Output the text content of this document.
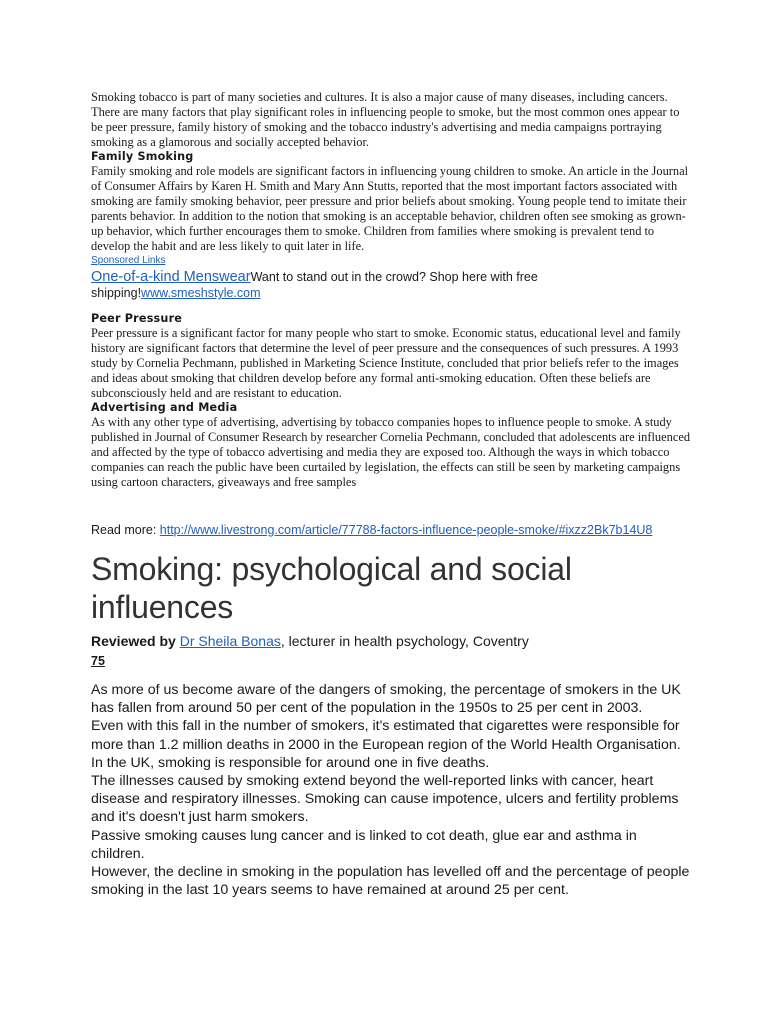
Smoking tobacco is part of many societies and cultures. It is also a major cause of many diseases, including cancers. There are many factors that play significant roles in influencing people to smoke, but the most common ones appear to be peer pressure, family history of smoking and the tobacco industry's advertising and media campaigns portraying smoking as a glamorous and socially accepted behavior.

Family Smoking

Family smoking and role models are significant factors in influencing young children to smoke. An article in the Journal of Consumer Affairs by Karen H. Smith and Mary Ann Stutts, reported that the most important factors associated with smoking are family smoking behavior, peer pressure and prior beliefs about smoking. Young people tend to imitate their parents behavior. In addition to the notion that smoking is an acceptable behavior, children often see smoking as grown-up behavior, which further encourages them to smoke. Children from families where smoking is prevalent tend to develop the habit and are less likely to quit later in life.

Sponsored Links
One-of-a-kind MenswearWant to stand out in the crowd? Shop here with free shipping!www.smeshstyle.com
Peer Pressure

Peer pressure is a significant factor for many people who start to smoke. Economic status, educational level and family history are significant factors that determine the level of peer pressure and the consequences of such pressures. A 1993 study by Cornelia Pechmann, published in Marketing Science Institute, concluded that prior beliefs refer to the images and ideas about smoking that children develop before any formal anti-smoking education. Often these beliefs are subconsciously held and are resistant to education.

Advertising and Media

As with any other type of advertising, advertising by tobacco companies hopes to influence people to smoke. A study published in Journal of Consumer Research by researcher Cornelia Pechmann, concluded that adolescents are influenced and affected by the type of tobacco advertising and media they are exposed too. Although the ways in which tobacco companies can reach the public have been curtailed by legislation, the effects can still be seen by marketing campaigns using cartoon characters, giveaways and free samples

Read more: http://www.livestrong.com/article/77788-factors-influence-people-smoke/#ixzz2Bk7b14U8
Smoking: psychological and social influences
Reviewed by Dr Sheila Bonas, lecturer in health psychology, Coventry
75

As more of us become aware of the dangers of smoking, the percentage of smokers in the UK has fallen from around 50 per cent of the population in the 1950s to 25 per cent in 2003.

Even with this fall in the number of smokers, it's estimated that cigarettes were responsible for more than 1.2 million deaths in 2000 in the European region of the World Health Organisation.

In the UK, smoking is responsible for around one in five deaths.

The illnesses caused by smoking extend beyond the well-reported links with cancer, heart disease and respiratory illnesses. Smoking can cause impotence, ulcers and fertility problems and it's doesn't just harm smokers.

Passive smoking causes lung cancer and is linked to cot death, glue ear and asthma in children.

However, the decline in smoking in the population has levelled off and the percentage of people smoking in the last 10 years seems to have remained at around 25 per cent.
